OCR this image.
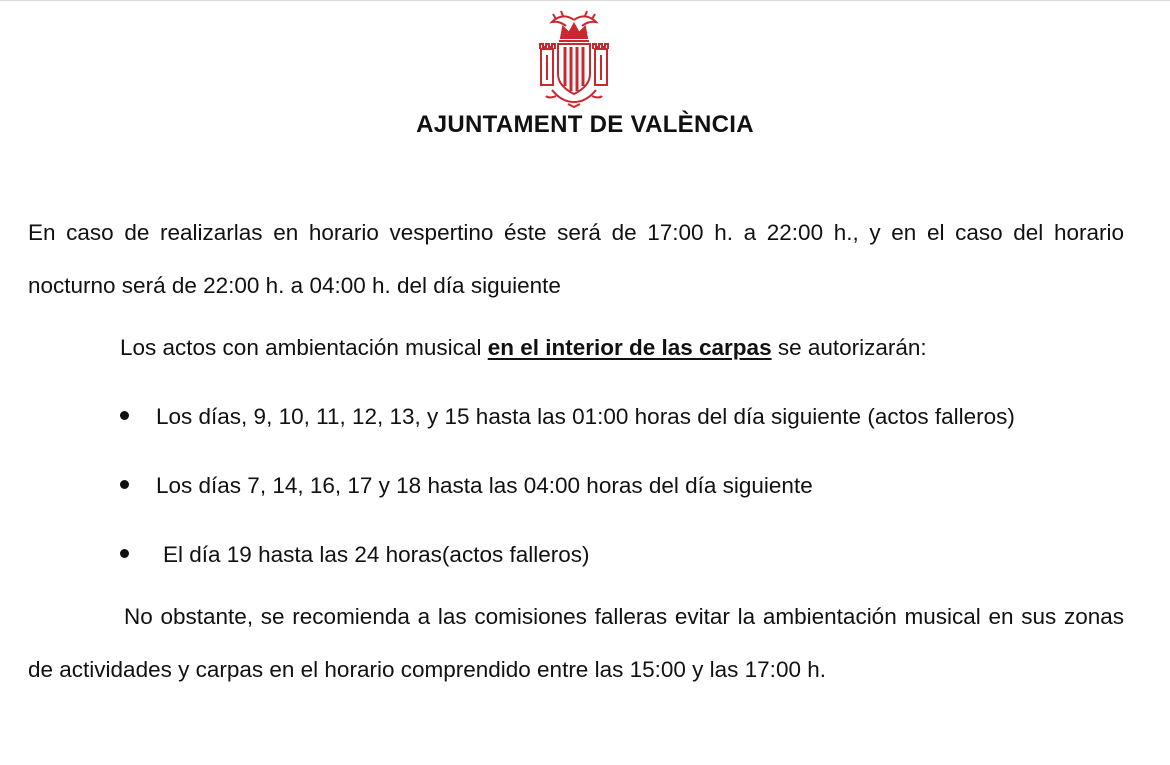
AJUNTAMENT DE VALÈNCIA

En caso de realizarlas en horario vespertino éste será de 17:00 h. a 22:00 h., y en el caso del horario nocturno será de 22:00 h. a 04:00 h. del día siguiente

Los actos con ambientación musical en el interior de las carpas se autorizarán:

Los días, 9, 10, 11, 12, 13, y 15 hasta las 01:00 horas del día siguiente (actos falleros)
Los días 7, 14, 16, 17 y 18 hasta las 04:00 horas del día siguiente
El día 19 hasta las 24 horas(actos falleros)

No obstante, se recomienda a las comisiones falleras evitar la ambientación musical en sus zonas de actividades y carpas en el horario comprendido entre las 15:00 y las 17:00 h.
